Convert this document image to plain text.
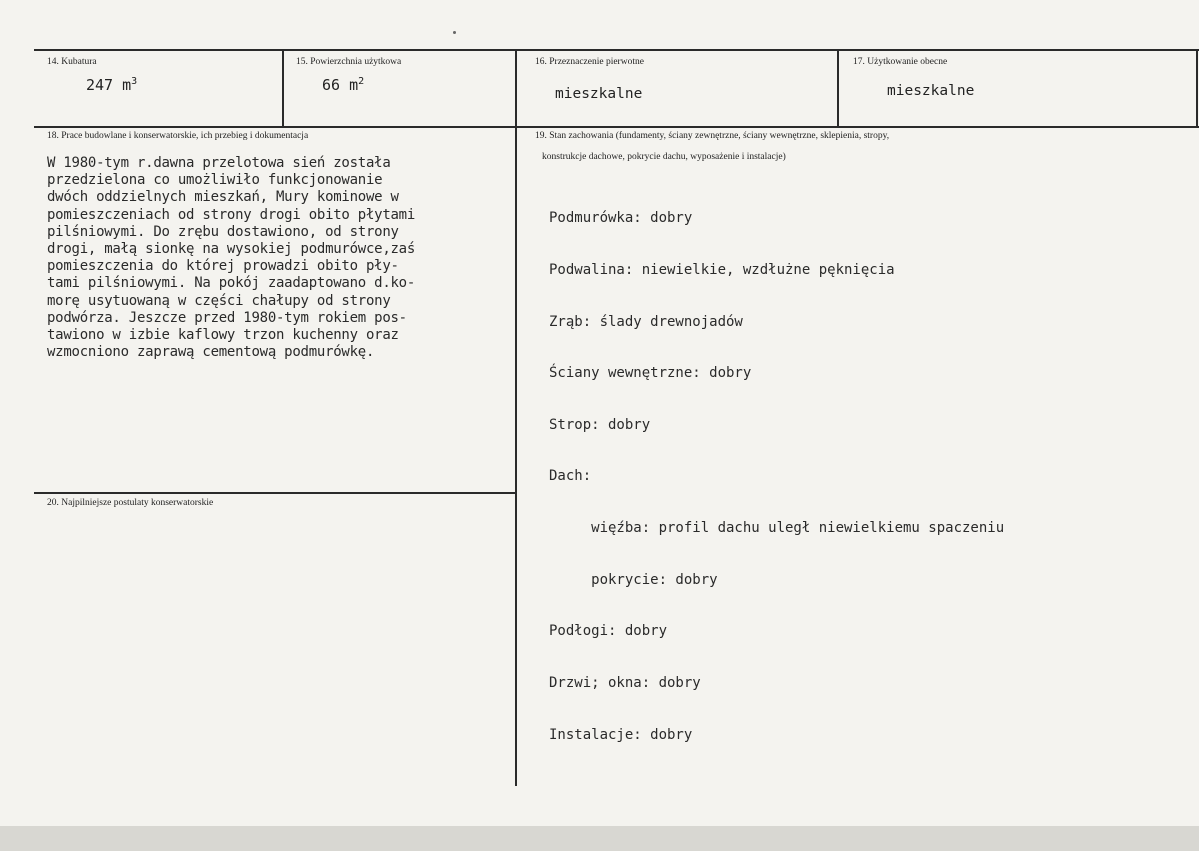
14. Kubatura
247 $m^3$
15. Powierzchnia użytkowa
66 $m^2$
16. Przeznaczenie pierwotne
mieszkalne
17. Użytkowanie obecne
mieszkalne
18. Prace budowlane i konserwatorskie, ich przebieg i dokumentacja
W 1980-tym r.dawna przelotowa sień została
przedzielona co umożliwiło funkcjonowanie
dwóch oddzielnych mieszkań, Mury kominowe w
pomieszczeniach od strony drogi obito płytami
pilśniowymi. Do zrębu dostawiono, od strony
drogi, małą sionkę na wysokiej podmurówce,zaś
pomieszczenia do której prowadzi obito pły-
tami pilśniowymi. Na pokój zaadaptowano d.ko-
morę usytuowaną w części chałupy od strony
podwórza. Jeszcze przed 1980-tym rokiem pos-
tawiono w izbie kaflowy trzon kuchenny oraz
wzmocniono zaprawą cementową podmurówkę.
19. Stan zachowania (fundamenty, ściany zewnętrzne, ściany wewnętrzne, sklepienia, stropy,
konstrukcje dachowe, pokrycie dachu, wyposażenie i instalacje)

Podmurówka: dobry

Podwalina: niewielkie, wzdłużne pęknięcia

Zrąb: ślady drewnojadów

Ściany wewnętrzne: dobry

Strop: dobry

Dach:

więźba: profil dachu uległ niewielkiemu spaczeniu

pokrycie: dobry

Podłogi: dobry

Drzwi; okna: dobry

Instalacje: dobry

20. Najpilniejsze postulaty konserwatorskie
